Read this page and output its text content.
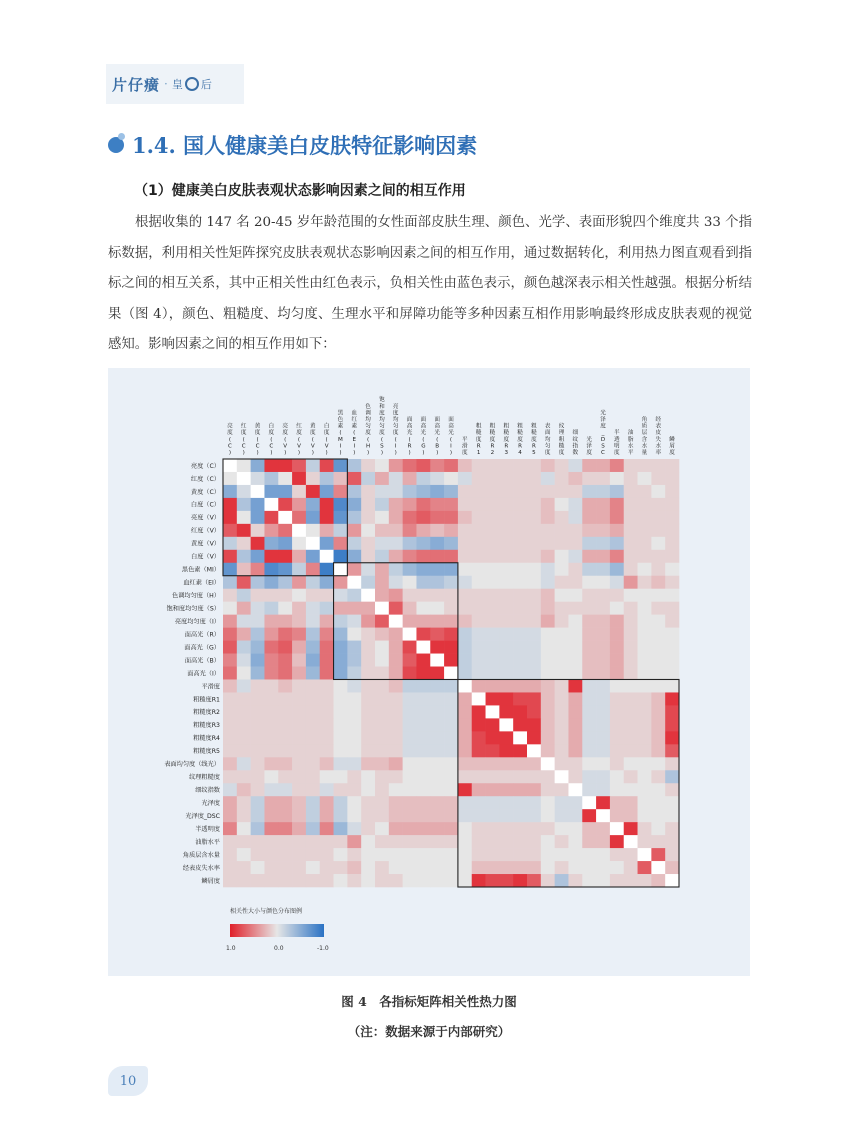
片仔癀 · 皇 后
1.4. 国人健康美白皮肤特征影响因素
（1）健康美白皮肤表观状态影响因素之间的相互作用

根据收集的 147 名 20-45 岁年龄范围的女性面部皮肤生理、颜色、光学、表面形貌四个维度共 33 个指标数据，利用相关性矩阵探究皮肤表观状态影响因素之间的相互作用，通过数据转化，利用热力图直观看到指标之间的相互关系，其中正相关性由红色表示，负相关性由蓝色表示，颜色越深表示相关性越强。根据分析结果（图 4），颜色、粗糙度、均匀度、生理水平和屏障功能等多种因素互相作用影响最终形成皮肤表观的视觉感知。影响因素之间的相互作用如下：

亮度( C )
红度( C )
黄度( C )
白度( C )
亮度( V )
红度( V )
黄度( V )
白度( V )
黑色素( M I )
血红素( E I )
色调均匀度( H )
饱和度均匀度( S )
亮度均匀度( I )
面高光( R )
面高光( G )
面高光( B )
面高光( I )
平滑度
粗糙度 R 1
粗糙度 R 2
粗糙度 R 3
粗糙度 R 4
粗糙度 R 5
表面均匀度
纹理粗糙度
细纹指数
光泽度
光泽度_ D S C
半透明度
油脂水平
角质层含水量
经表皮失水率
鳞屑度
亮度（C）
红度（C）
黄度（C）
白度（C）
亮度（V）
红度（V）
黄度（V）
白度（V）
黑色素（MI）
血红素（EI）
色调均匀度（H）
饱和度均匀度（S）
亮度均匀度（I）
面高光（R）
面高光（G）
面高光（B）
面高光（I）
平滑度
粗糙度R1
粗糙度R2
粗糙度R3
粗糙度R4
粗糙度R5
表面均匀度（线光）
纹理粗糙度
细纹指数
光泽度
光泽度_DSC
半透明度
油脂水平
角质层含水量
经表皮失水率
鳞屑度
相关性大小与颜色分布图例
1.0	0.0	-1.0
图 4　各指标矩阵相关性热力图
（注：数据来源于内部研究）
10
